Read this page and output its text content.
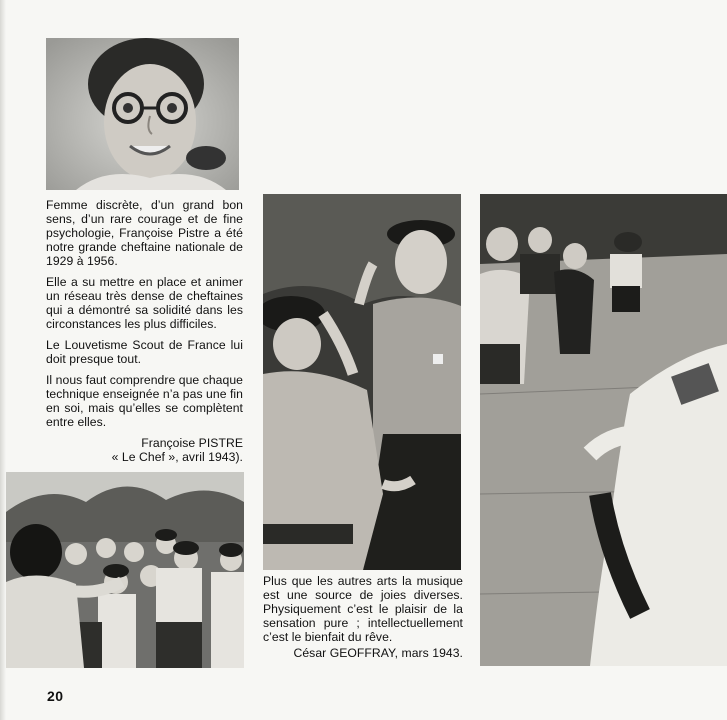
Femme discrète, d’un grand bon sens, d’un rare courage et de fine psychologie, Françoise Pistre a été notre grande cheftaine nationale de 1929 à 1956.

Elle a su mettre en place et animer un réseau très dense de cheftaines qui a démontré sa solidité dans les circonstances les plus difficiles.

Le Louvetisme Scout de France lui doit presque tout.

Il nous faut comprendre que chaque technique enseignée n’a pas une fin en soi, mais qu’elles se complètent entre elles.

Françoise PISTRE
« Le Chef », avril 1943).

Plus que les autres arts la musique est une source de joies diverses. Physiquement c’est le plaisir de la sensation pure ; intellectuellement c’est le bienfait du rêve.

César GEOFFRAY, mars 1943.
20
